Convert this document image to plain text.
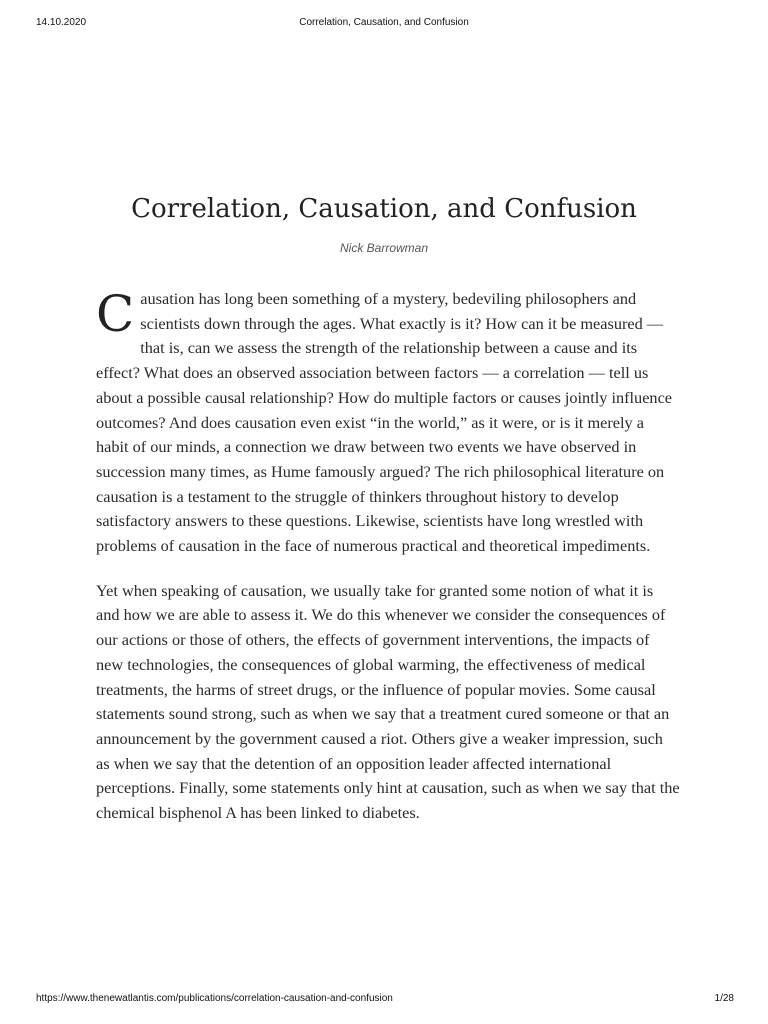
14.10.2020	Correlation, Causation, and Confusion
Correlation, Causation, and Confusion
Nick Barrowman

Causation has long been something of a mystery, bedeviling philosophers and scientists down through the ages. What exactly is it? How can it be measured — that is, can we assess the strength of the relationship between a cause and its effect? What does an observed association between factors — a correlation — tell us about a possible causal relationship? How do multiple factors or causes jointly influence outcomes? And does causation even exist “in the world,” as it were, or is it merely a habit of our minds, a connection we draw between two events we have observed in succession many times, as Hume famously argued? The rich philosophical literature on causation is a testament to the struggle of thinkers throughout history to develop satisfactory answers to these questions. Likewise, scientists have long wrestled with problems of causation in the face of numerous practical and theoretical impediments.

Yet when speaking of causation, we usually take for granted some notion of what it is and how we are able to assess it. We do this whenever we consider the consequences of our actions or those of others, the effects of government interventions, the impacts of new technologies, the consequences of global warming, the effectiveness of medical treatments, the harms of street drugs, or the influence of popular movies. Some causal statements sound strong, such as when we say that a treatment cured someone or that an announcement by the government caused a riot. Others give a weaker impression, such as when we say that the detention of an opposition leader affected international perceptions. Finally, some statements only hint at causation, such as when we say that the chemical bisphenol A has been linked to diabetes.

https://www.thenewatlantis.com/publications/correlation-causation-and-confusion	1/28
